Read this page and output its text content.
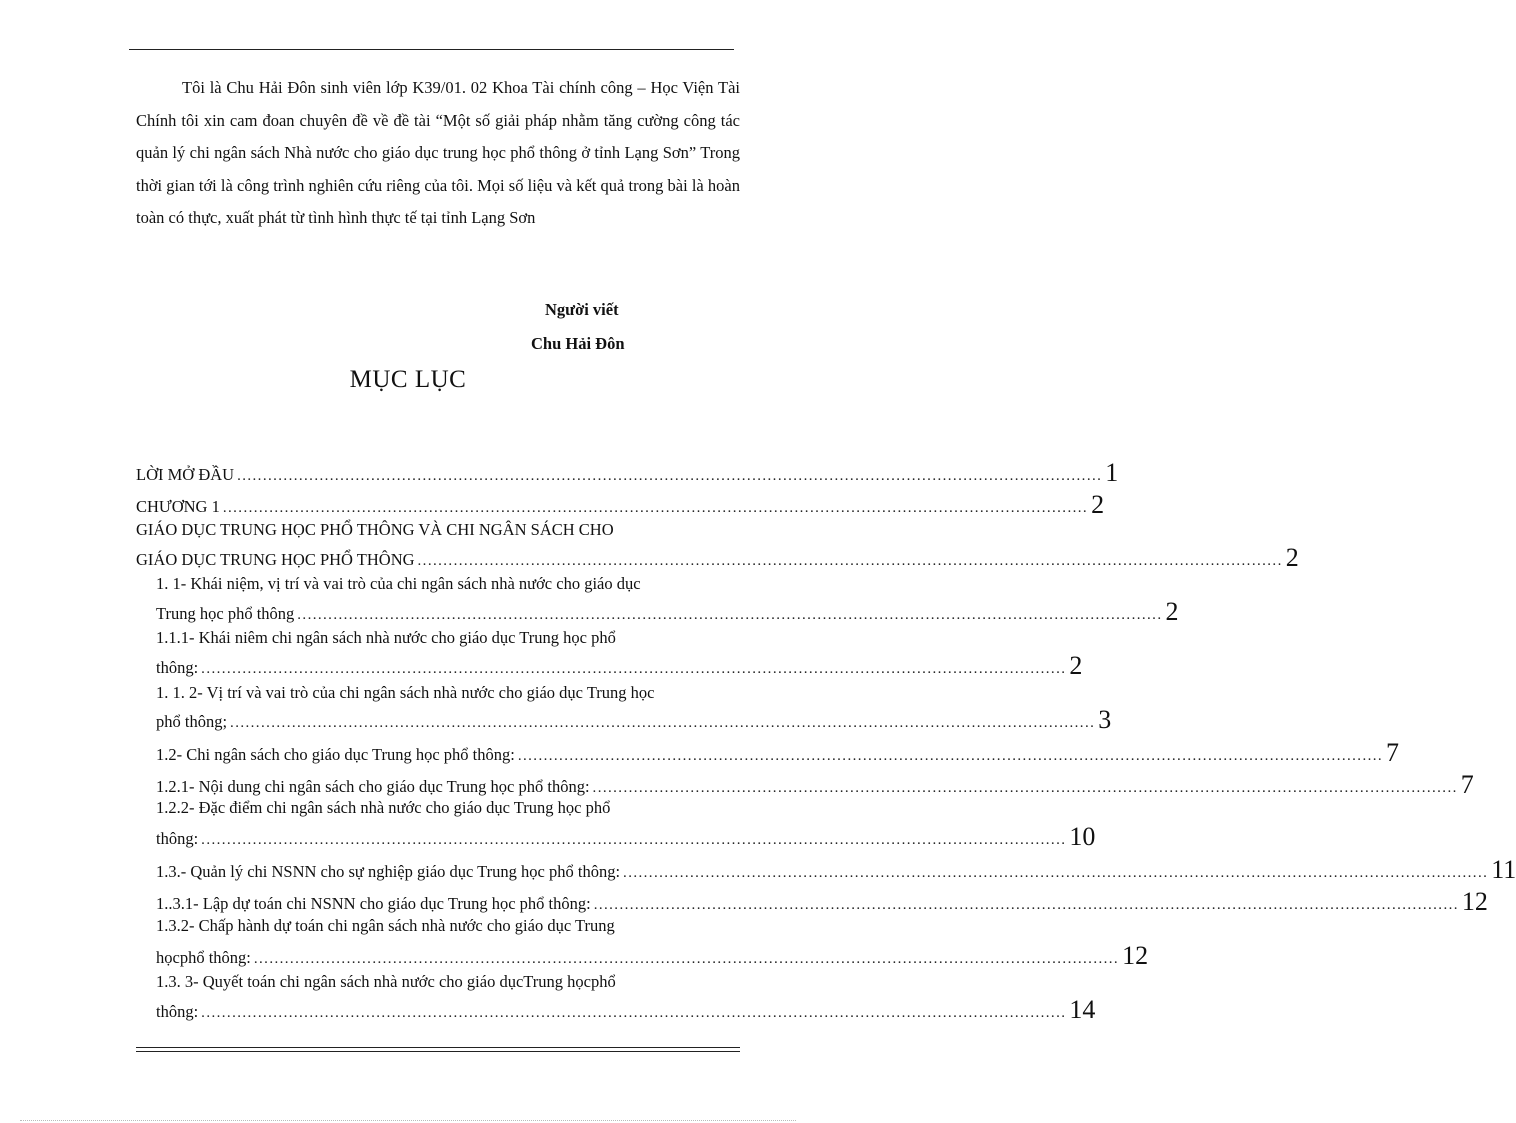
Tôi là Chu Hải Đôn sinh viên lớp K39/01. 02 Khoa Tài chính công – Học Viện Tài Chính tôi xin cam đoan chuyên đề về đề tài “Một số giải pháp nhằm tăng cường công tác quản lý chi ngân sách Nhà nước cho giáo dục trung học phổ thông ở tỉnh Lạng Sơn” Trong thời gian tới là công trình nghiên cứu riêng của tôi. Mọi số liệu và kết quả trong bài là hoàn toàn có thực, xuất phát từ tình hình thực tế tại tỉnh Lạng Sơn

Người viết
Chu Hải Đôn
MỤC LỤC
LỜI MỞ ĐẦU ........................................................................................................................................................................ 1
CHƯƠNG 1 ........................................................................................................................................................................ 2
GIÁO DỤC TRUNG HỌC PHỔ THÔNG VÀ CHI NGÂN SÁCH CHO
GIÁO DỤC TRUNG HỌC PHỔ THÔNG ........................................................................................................................................................................ 2
1. 1- Khái niệm, vị trí và vai trò của chi ngân sách nhà nước cho giáo dục
Trung học phổ thông ........................................................................................................................................................................ 2
1.1.1- Khái niêm chi ngân sách nhà nước cho giáo dục Trung học phổ
thông: ........................................................................................................................................................................ 2
1. 1. 2- Vị trí và vai trò của chi ngân sách nhà nước cho giáo dục Trung học
phổ thông; ........................................................................................................................................................................ 3
1.2- Chi ngân sách cho giáo dục Trung học phổ thông: ........................................................................................................................................................................ 7
1.2.1- Nội dung chi ngân sách cho giáo dục Trung học phổ thông: ........................................................................................................................................................................ 7
1.2.2- Đặc điểm chi ngân sách nhà nước cho giáo dục Trung học phổ
thông: ........................................................................................................................................................................ 10
1.3.- Quản lý chi NSNN cho sự nghiệp giáo dục Trung học phổ thông: ........................................................................................................................................................................ 11
1..3.1- Lập dự toán chi NSNN cho giáo dục Trung học phổ thông: ........................................................................................................................................................................ 12
1.3.2- Chấp hành dự toán chi ngân sách nhà nước cho giáo dục Trung
họcphổ thông: ........................................................................................................................................................................ 12
1.3. 3- Quyết toán chi ngân sách nhà nước cho giáo dụcTrung họcphổ
thông: ........................................................................................................................................................................ 14
